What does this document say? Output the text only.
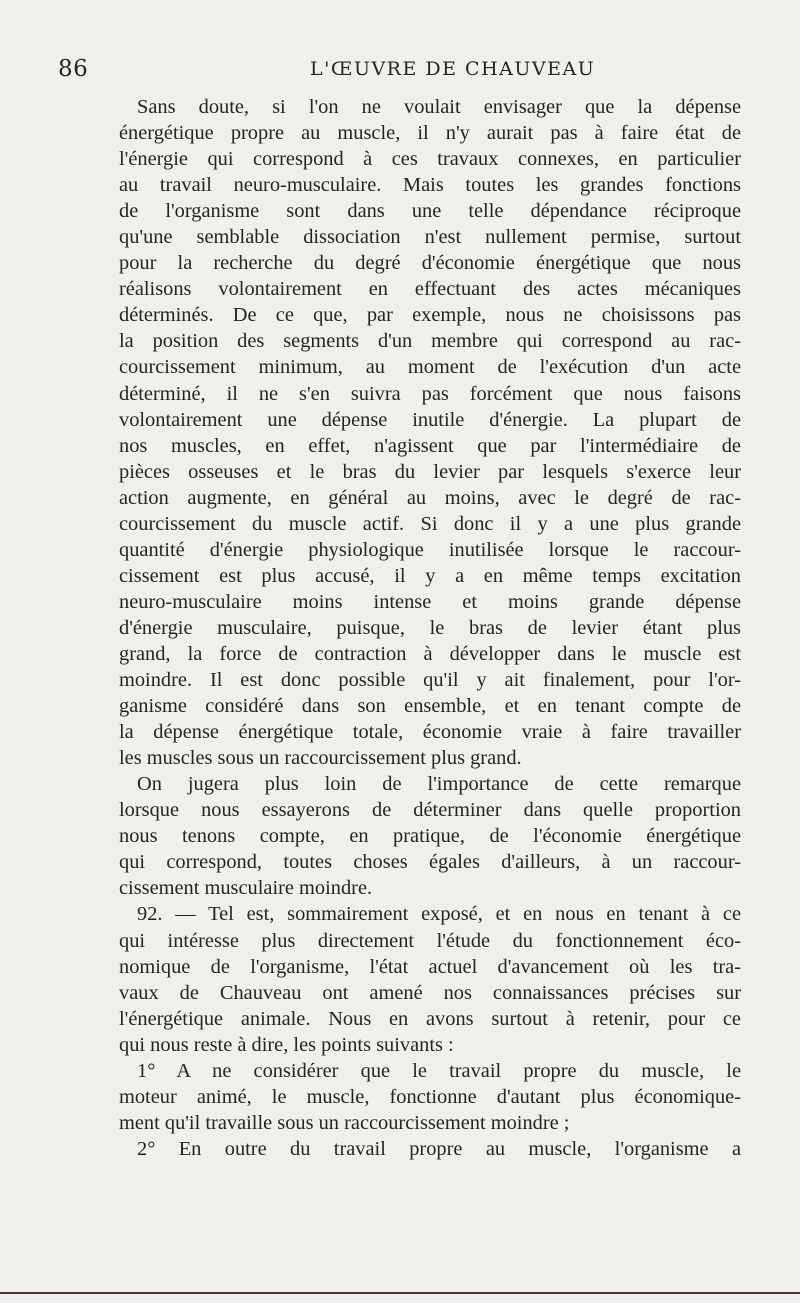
86	L'ŒUVRE DE CHAUVEAU
Sans doute, si l'on ne voulait envisager que la dépense
énergétique propre au muscle, il n'y aurait pas à faire état de
l'énergie qui correspond à ces travaux connexes, en particulier
au travail neuro-musculaire. Mais toutes les grandes fonctions
de l'organisme sont dans une telle dépendance réciproque
qu'une semblable dissociation n'est nullement permise, surtout
pour la recherche du degré d'économie énergétique que nous
réalisons volontairement en effectuant des actes mécaniques
déterminés. De ce que, par exemple, nous ne choisissons pas
la position des segments d'un membre qui correspond au rac-
courcissement minimum, au moment de l'exécution d'un acte
déterminé, il ne s'en suivra pas forcément que nous faisons
volontairement une dépense inutile d'énergie. La plupart de
nos muscles, en effet, n'agissent que par l'intermédiaire de
pièces osseuses et le bras du levier par lesquels s'exerce leur
action augmente, en général au moins, avec le degré de rac-
courcissement du muscle actif. Si donc il y a une plus grande
quantité d'énergie physiologique inutilisée lorsque le raccour-
cissement est plus accusé, il y a en même temps excitation
neuro-musculaire moins intense et moins grande dépense
d'énergie musculaire, puisque, le bras de levier étant plus
grand, la force de contraction à développer dans le muscle est
moindre. Il est donc possible qu'il y ait finalement, pour l'or-
ganisme considéré dans son ensemble, et en tenant compte de
la dépense énergétique totale, économie vraie à faire travailler
les muscles sous un raccourcissement plus grand.
On jugera plus loin de l'importance de cette remarque
lorsque nous essayerons de déterminer dans quelle proportion
nous tenons compte, en pratique, de l'économie énergétique
qui correspond, toutes choses égales d'ailleurs, à un raccour-
cissement musculaire moindre.
92. — Tel est, sommairement exposé, et en nous en tenant à ce
qui intéresse plus directement l'étude du fonctionnement éco-
nomique de l'organisme, l'état actuel d'avancement où les tra-
vaux de Chauveau ont amené nos connaissances précises sur
l'énergétique animale. Nous en avons surtout à retenir, pour ce
qui nous reste à dire, les points suivants :
1° A ne considérer que le travail propre du muscle, le
moteur animé, le muscle, fonctionne d'autant plus économique-
ment qu'il travaille sous un raccourcissement moindre ;
2° En outre du travail propre au muscle, l'organisme a
